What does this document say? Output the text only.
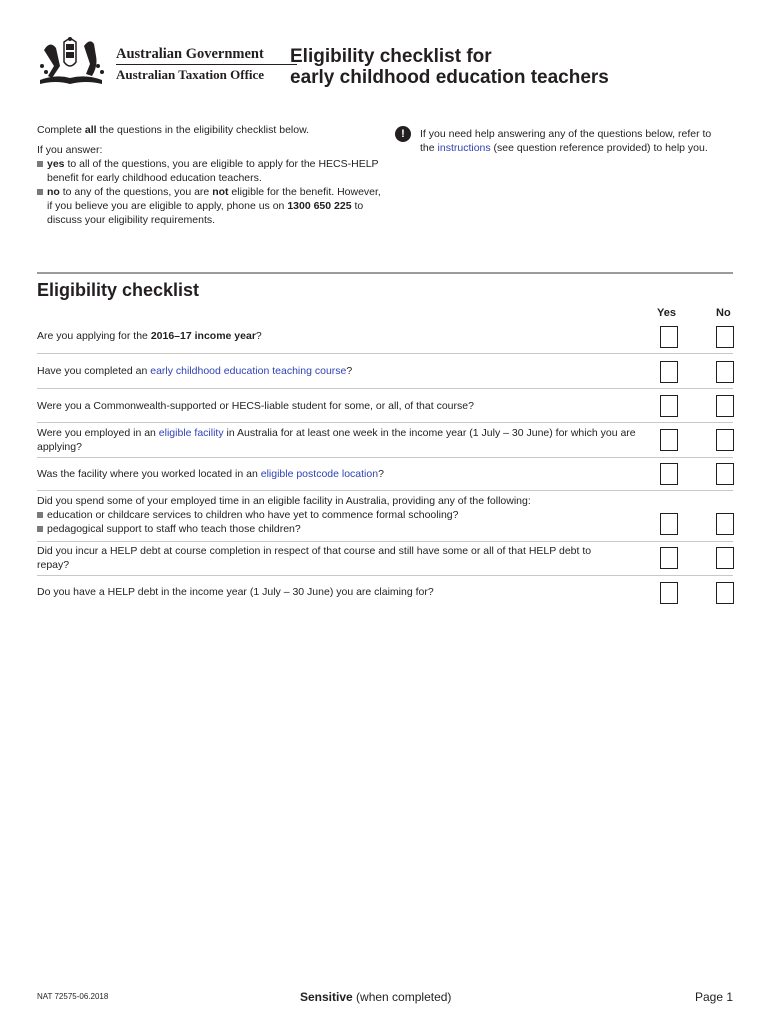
Australian Government
Australian Taxation Office
Eligibility checklist for
early childhood education teachers

Complete all the questions in the eligibility checklist below.

If you answer:
yes to all of the questions, you are eligible to apply for the HECS-HELP benefit for early childhood education teachers.
no to any of the questions, you are not eligible for the benefit. However, if you believe you are eligible to apply, phone us on 1300 650 225 to discuss your eligibility requirements.
!	If you need help answering any of the questions below, refer to the instructions (see question reference provided) to help you.
Eligibility checklist
Yes	No
Are you applying for the 2016–17 income year?
Have you completed an early childhood education teaching course?
Were you a Commonwealth-supported or HECS-liable student for some, or all, of that course?
Were you employed in an eligible facility in Australia for at least one week in the income year (1 July – 30 June) for which you are applying?
Was the facility where you worked located in an eligible postcode location?
Did you spend some of your employed time in an eligible facility in Australia, providing any of the following:
education or childcare services to children who have yet to commence formal schooling?
pedagogical support to staff who teach those children?
Did you incur a HELP debt at course completion in respect of that course and still have some or all of that HELP debt to repay?
Do you have a HELP debt in the income year (1 July – 30 June) you are claiming for?
NAT 72575-06.2018	Sensitive (when completed)	Page 1
